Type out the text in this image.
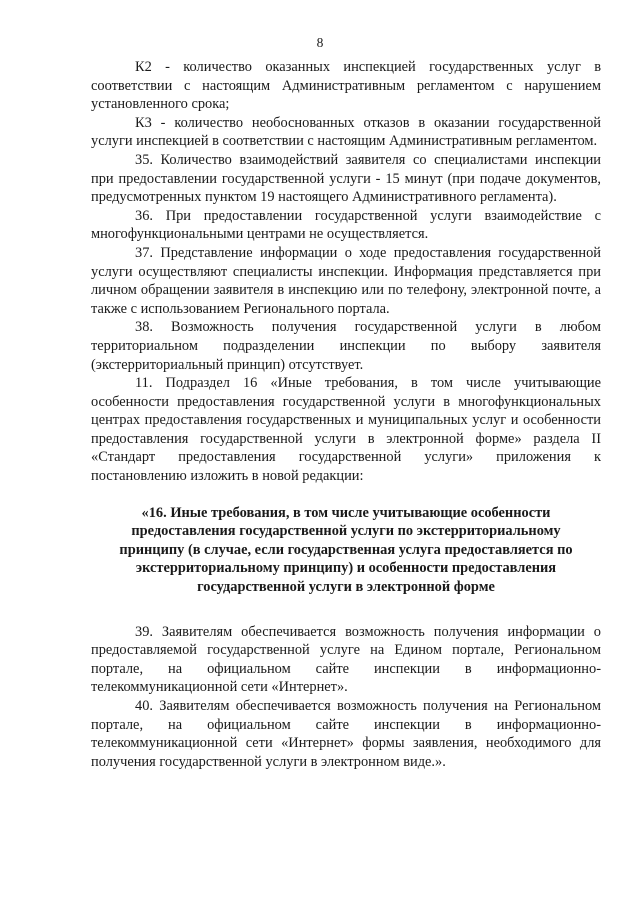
8

К2 - количество оказанных инспекцией государственных услуг в соответствии с настоящим Административным регламентом с нарушением установленного срока;

К3 - количество необоснованных отказов в оказании государственной услуги инспекцией в соответствии с настоящим Административным регламентом.

35. Количество взаимодействий заявителя со специалистами инспекции при предоставлении государственной услуги - 15 минут (при подаче документов, предусмотренных пунктом 19 настоящего Административного регламента).

36. При предоставлении государственной услуги взаимодействие с многофункциональными центрами не осуществляется.

37. Представление информации о ходе предоставления государственной услуги осуществляют специалисты инспекции. Информация представляется при личном обращении заявителя в инспекцию или по телефону, электронной почте, а также с использованием Регионального портала.

38. Возможность получения государственной услуги в любом территориальном подразделении инспекции по выбору заявителя (экстерриториальный принцип) отсутствует.

11. Подраздел 16 «Иные требования, в том числе учитывающие особенности предоставления государственной услуги в многофункциональных центрах предоставления государственных и муниципальных услуг и особенности предоставления государственной услуги в электронной форме» раздела II «Стандарт предоставления государственной услуги» приложения к постановлению изложить в новой редакции:

«16. Иные требования, в том числе учитывающие особенности предоставления государственной услуги по экстерриториальному принципу (в случае, если государственная услуга предоставляется по экстерриториальному принципу) и особенности предоставления государственной услуги в электронной форме

39. Заявителям обеспечивается возможность получения информации о предоставляемой государственной услуге на Едином портале, Региональном портале, на официальном сайте инспекции в информационно-телекоммуникационной сети «Интернет».

40. Заявителям обеспечивается возможность получения на Региональном портале, на официальном сайте инспекции в информационно-телекоммуникационной сети «Интернет» формы заявления, необходимого для получения государственной услуги в электронном виде.».
